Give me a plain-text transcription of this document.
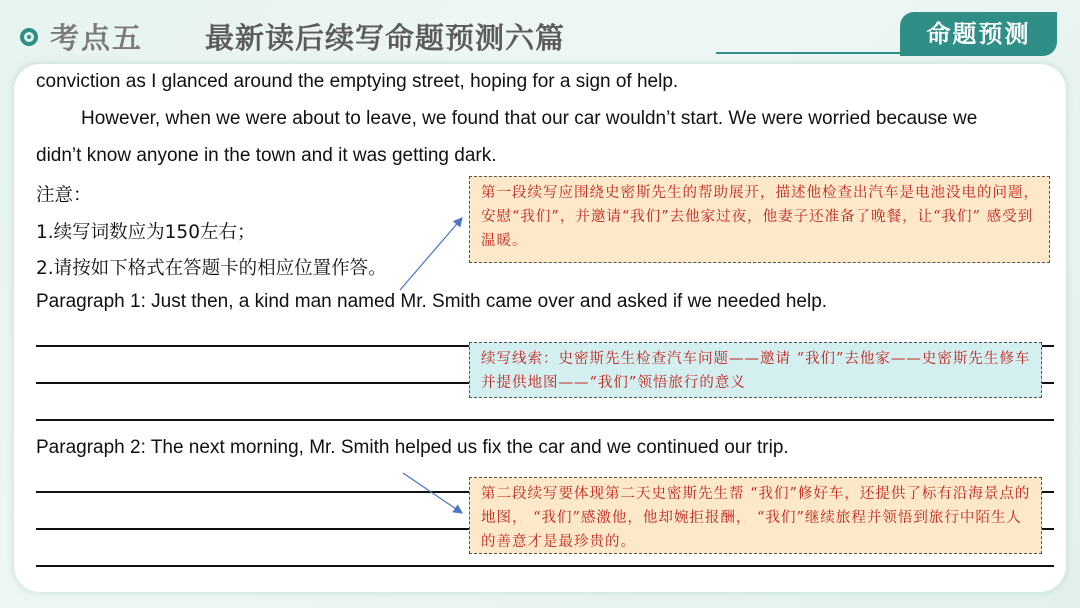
考点五 最新读后续写命题预测六篇	命题预测
conviction as I glanced around the emptying street, hoping for a sign of help.
However, when we were about to leave, we found that our car wouldn’t start. We were worried because we
didn’t know anyone in the town and it was getting dark.
注意：
1.续写词数应为150左右；
2.请按如下格式在答题卡的相应位置作答。
Paragraph 1: Just then, a kind man named Mr. Smith came over and asked if we needed help.
Paragraph 2: The next morning, Mr. Smith helped us fix the car and we continued our trip.
第一段续写应围绕史密斯先生的帮助展开，描述他检查出汽车是电池没电的问题，安慰“我们”，并邀请“我们”去他家过夜，他妻子还准备了晚餐，让“我们” 感受到温暖。
续写线索：史密斯先生检查汽车问题——邀请 “我们”去他家——史密斯先生修车并提供地图——“我们”领悟旅行的意义
第二段续写要体现第二天史密斯先生帮 “我们”修好车，还提供了标有沿海景点的地图， “我们”感激他，他却婉拒报酬， “我们”继续旅程并领悟到旅行中陌生人的善意才是最珍贵的。
